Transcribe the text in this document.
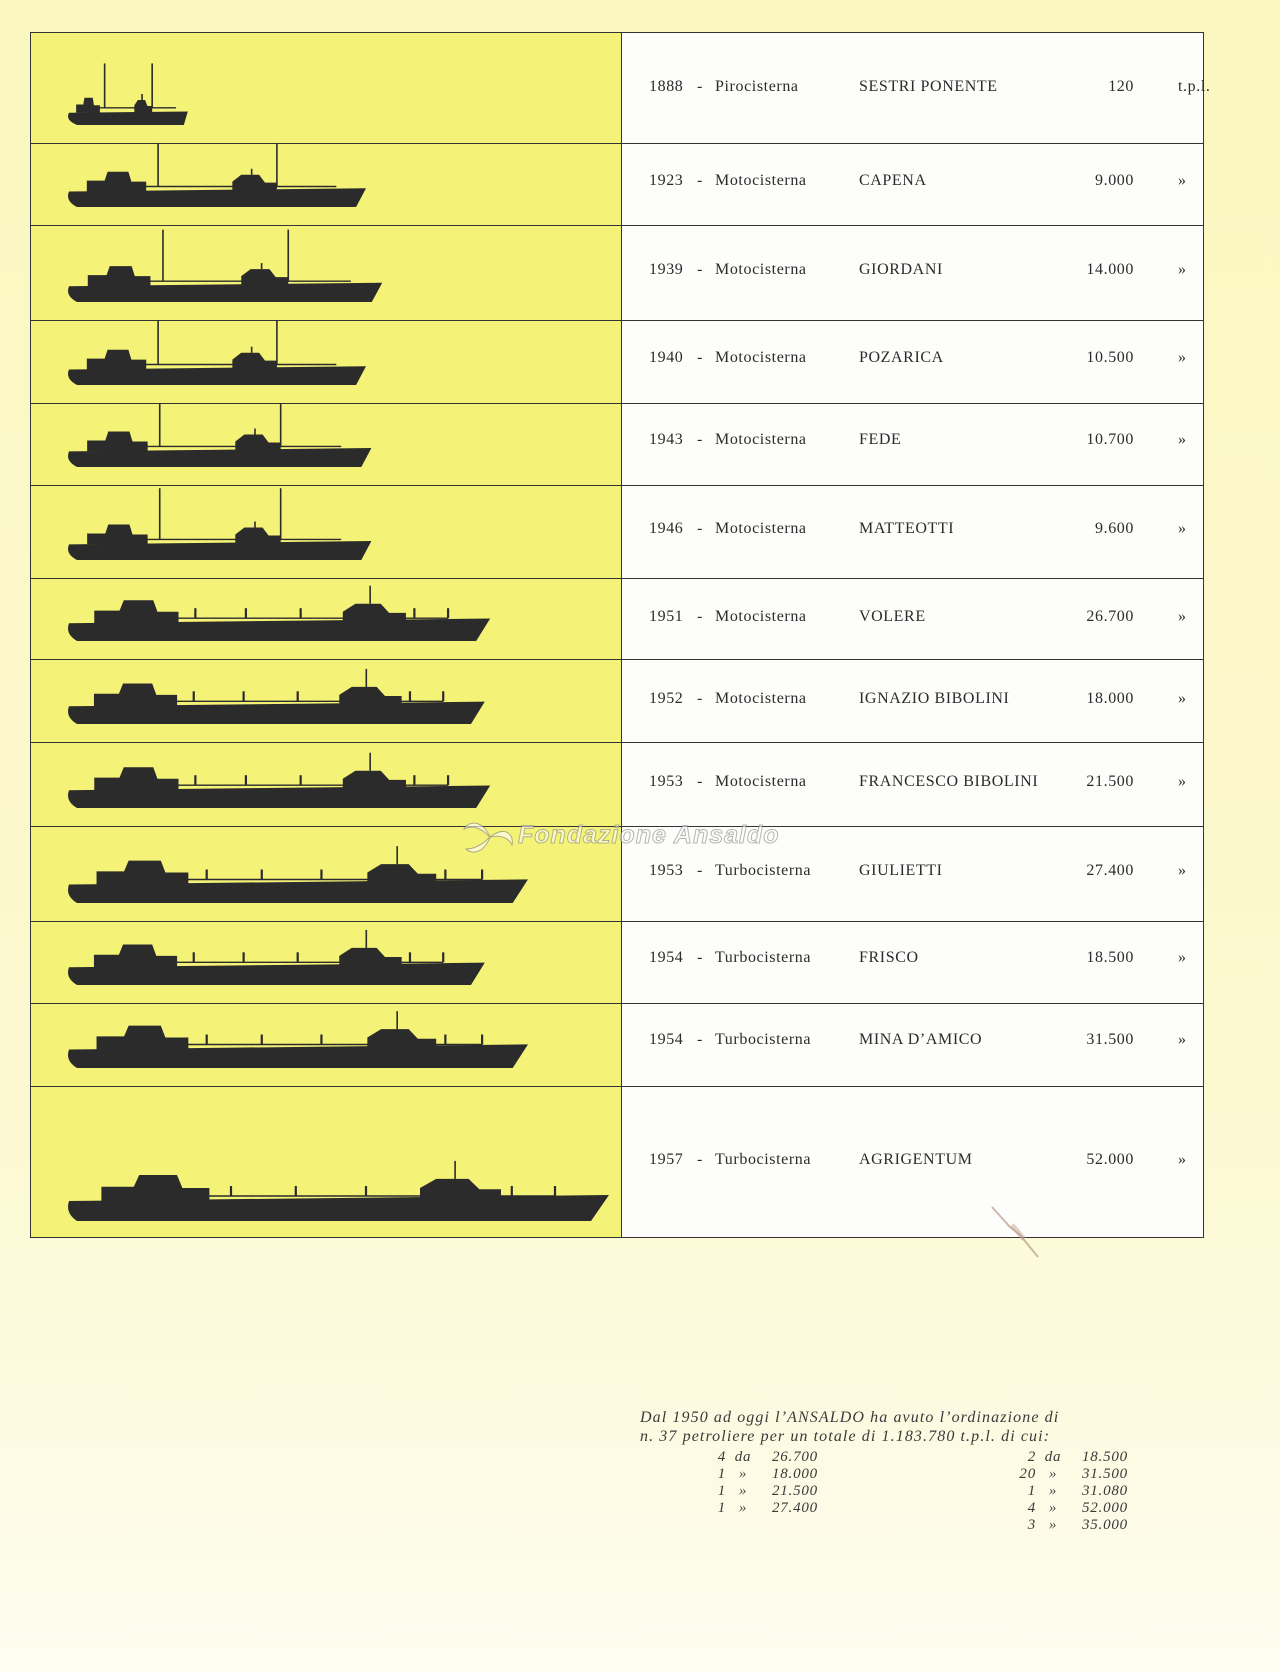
1888 - Pirocisterna	SESTRI PONENTE	120	t.p.l.
1923 - Motocisterna	CAPENA	9.000	»
1939 - Motocisterna	GIORDANI	14.000	»
1940 - Motocisterna	POZARICA	10.500	»
1943 - Motocisterna	FEDE	10.700	»
1946 - Motocisterna	MATTEOTTI	9.600	»
1951 - Motocisterna	VOLERE	26.700	»
1952 - Motocisterna	IGNAZIO BIBOLINI	18.000	»
1953 - Motocisterna	FRANCESCO BIBOLINI	21.500	»
1953 - Turbocisterna	GIULIETTI	27.400	»
1954 - Turbocisterna	FRISCO	18.500	»
1954 - Turbocisterna	MINA D’AMICO	31.500	»
1957 - Turbocisterna	AGRIGENTUM	52.000	»
Fondazione Ansaldo
Dal 1950 ad oggi l’ANSALDO ha avuto l’ordinazione di
n. 37 petroliere per un totale di 1.183.780 t.p.l. di cui:
4 da	26.700
1 »	18.000
1 »	21.500
1 »	27.400
2 da	18.500
20 »	31.500
1 »	31.080
4 »	52.000
3 »	35.000
